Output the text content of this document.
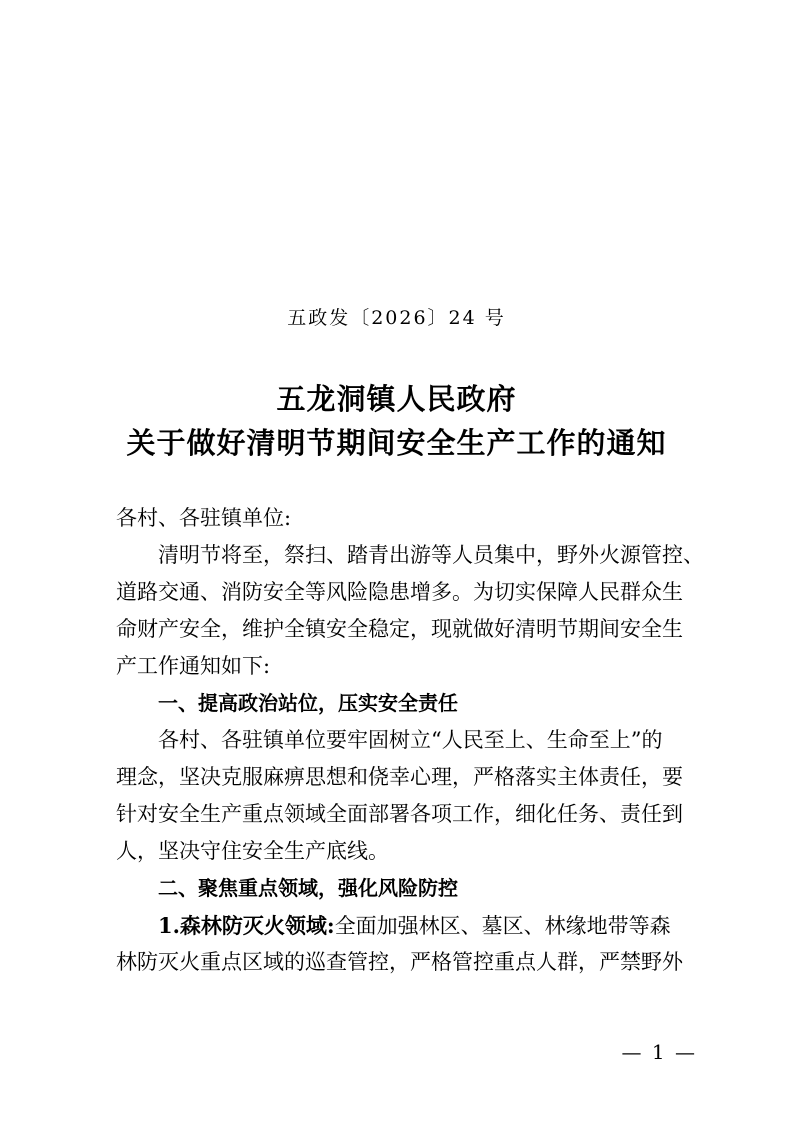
五政发〔2026〕24 号
五龙洞镇人民政府
关于做好清明节期间安全生产工作的通知
各村、各驻镇单位:
清明节将至，祭扫、踏青出游等人员集中，野外火源管控、
道路交通、消防安全等风险隐患增多。为切实保障人民群众生
命财产安全，维护全镇安全稳定，现就做好清明节期间安全生
产工作通知如下:
一、提高政治站位，压实安全责任
各村、各驻镇单位要牢固树立“人民至上、生命至上”的
理念，坚决克服麻痹思想和侥幸心理，严格落实主体责任，要
针对安全生产重点领域全面部署各项工作，细化任务、责任到
人，坚决守住安全生产底线。
二、聚焦重点领域，强化风险防控
1.森林防灭火领域:全面加强林区、墓区、林缘地带等森
林防灭火重点区域的巡查管控，严格管控重点人群，严禁野外
— 1 —
